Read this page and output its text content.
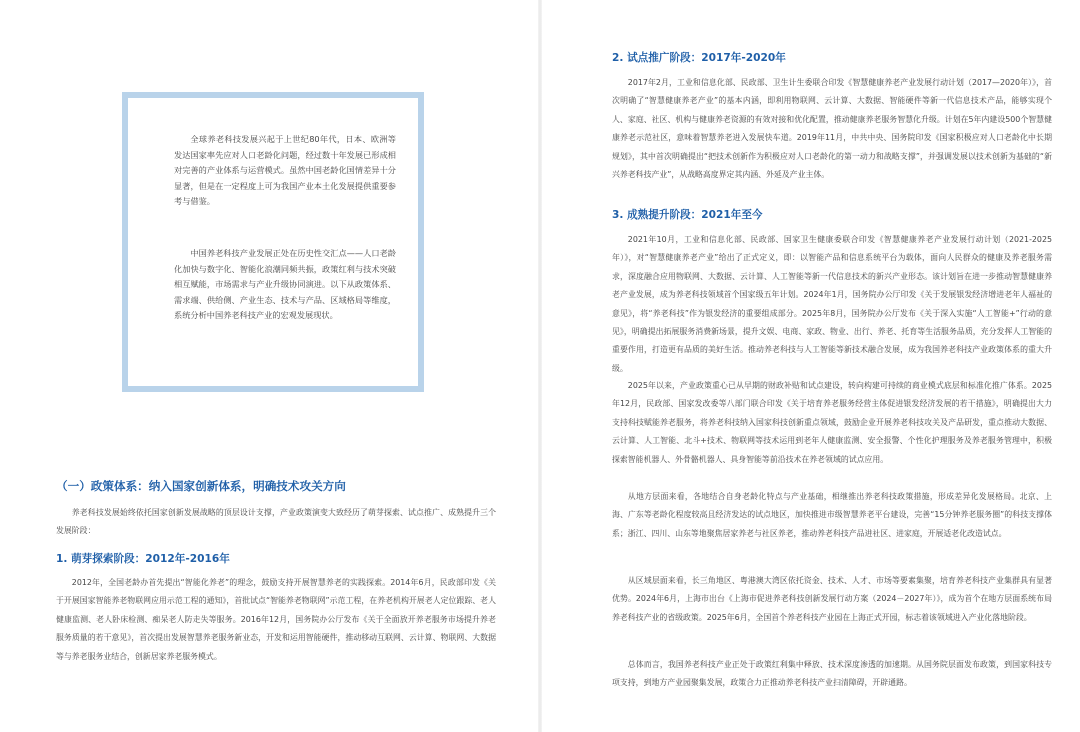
全球养老科技发展兴起于上世纪80年代，日本、欧洲等发达国家率先应对人口老龄化问题，经过数十年发展已形成相对完善的产业体系与运营模式。虽然中国老龄化国情差异十分显著，但是在一定程度上可为我国产业本土化发展提供重要参考与借鉴。

中国养老科技产业发展正处在历史性交汇点——人口老龄化加快与数字化、智能化浪潮同频共振，政策红利与技术突破相互赋能，市场需求与产业升级协同演进。以下从政策体系、需求端、供给侧、产业生态、技术与产品、区域格局等维度，系统分析中国养老科技产业的宏观发展现状。

（一）政策体系：纳入国家创新体系，明确技术攻关方向

养老科技发展始终依托国家创新发展战略的顶层设计支撑，产业政策演变大致经历了萌芽探索、试点推广、成熟提升三个发展阶段：

1. 萌芽探索阶段：2012年-2016年

2012年，全国老龄办首先提出“智能化养老”的理念，鼓励支持开展智慧养老的实践探索。2014年6月，民政部印发《关于开展国家智能养老物联网应用示范工程的通知》，首批试点“智能养老物联网”示范工程，在养老机构开展老人定位跟踪、老人健康监测、老人卧床检测、痴呆老人防走失等服务。2016年12月，国务院办公厅发布《关于全面放开养老服务市场提升养老服务质量的若干意见》，首次提出发展智慧养老服务新业态，开发和运用智能硬件，推动移动互联网、云计算、物联网、大数据等与养老服务业结合，创新居家养老服务模式。

2. 试点推广阶段：2017年-2020年

2017年2月，工业和信息化部、民政部、卫生计生委联合印发《智慧健康养老产业发展行动计划（2017—2020年）》，首次明确了“智慧健康养老产业”的基本内涵，即利用物联网、云计算、大数据、智能硬件等新一代信息技术产品，能够实现个人、家庭、社区、机构与健康养老资源的有效对接和优化配置，推动健康养老服务智慧化升级。计划在5年内建设500个智慧健康养老示范社区，意味着智慧养老进入发展快车道。2019年11月，中共中央、国务院印发《国家积极应对人口老龄化中长期规划》，其中首次明确提出“把技术创新作为积极应对人口老龄化的第一动力和战略支撑”，并强调发展以技术创新为基础的“新兴养老科技产业”，从战略高度界定其内涵、外延及产业主体。

3. 成熟提升阶段：2021年至今

2021年10月，工业和信息化部、民政部、国家卫生健康委联合印发《智慧健康养老产业发展行动计划（2021-2025年）》，对“智慧健康养老产业”给出了正式定义，即：以智能产品和信息系统平台为载体，面向人民群众的健康及养老服务需求，深度融合应用物联网、大数据、云计算、人工智能等新一代信息技术的新兴产业形态。该计划旨在进一步推动智慧健康养老产业发展，成为养老科技领域首个国家级五年计划。2024年1月，国务院办公厅印发《关于发展银发经济增进老年人福祉的意见》，将“养老科技”作为银发经济的重要组成部分。2025年8月，国务院办公厅发布《关于深入实施“人工智能+”行动的意见》，明确提出拓展服务消费新场景，提升文娱、电商、家政、物业、出行、养老、托育等生活服务品质，充分发挥人工智能的重要作用，打造更有品质的美好生活。推动养老科技与人工智能等新技术融合发展，成为我国养老科技产业政策体系的重大升级。

2025年以来，产业政策重心已从早期的财政补贴和试点建设，转向构建可持续的商业模式底层和标准化推广体系。2025年12月，民政部、国家发改委等八部门联合印发《关于培育养老服务经营主体促进银发经济发展的若干措施》，明确提出大力支持科技赋能养老服务，将养老科技纳入国家科技创新重点领域，鼓励企业开展养老科技攻关及产品研发，重点推动大数据、云计算、人工智能、北斗+技术、物联网等技术运用到老年人健康监测、安全报警、个性化护理服务及养老服务管理中，积极探索智能机器人、外骨骼机器人、具身智能等前沿技术在养老领域的试点应用。

从地方层面来看，各地结合自身老龄化特点与产业基础，相继推出养老科技政策措施，形成差异化发展格局。北京、上海、广东等老龄化程度较高且经济发达的试点地区，加快推进市级智慧养老平台建设，完善“15分钟养老服务圈”的科技支撑体系；浙江、四川、山东等地聚焦居家养老与社区养老，推动养老科技产品进社区、进家庭，开展适老化改造试点。

从区域层面来看，长三角地区、粤港澳大湾区依托资金、技术、人才、市场等要素集聚，培育养老科技产业集群具有显著优势。2024年6月，上海市出台《上海市促进养老科技创新发展行动方案（2024－2027年）》，成为首个在地方层面系统布局养老科技产业的省级政策。2025年6月，全国首个养老科技产业园在上海正式开园，标志着该领域进入产业化落地阶段。

总体而言，我国养老科技产业正处于政策红利集中释放、技术深度渗透的加速期。从国务院层面发布政策，到国家科技专项支持，到地方产业园聚集发展，政策合力正推动养老科技产业扫清障碍，开辟通路。
